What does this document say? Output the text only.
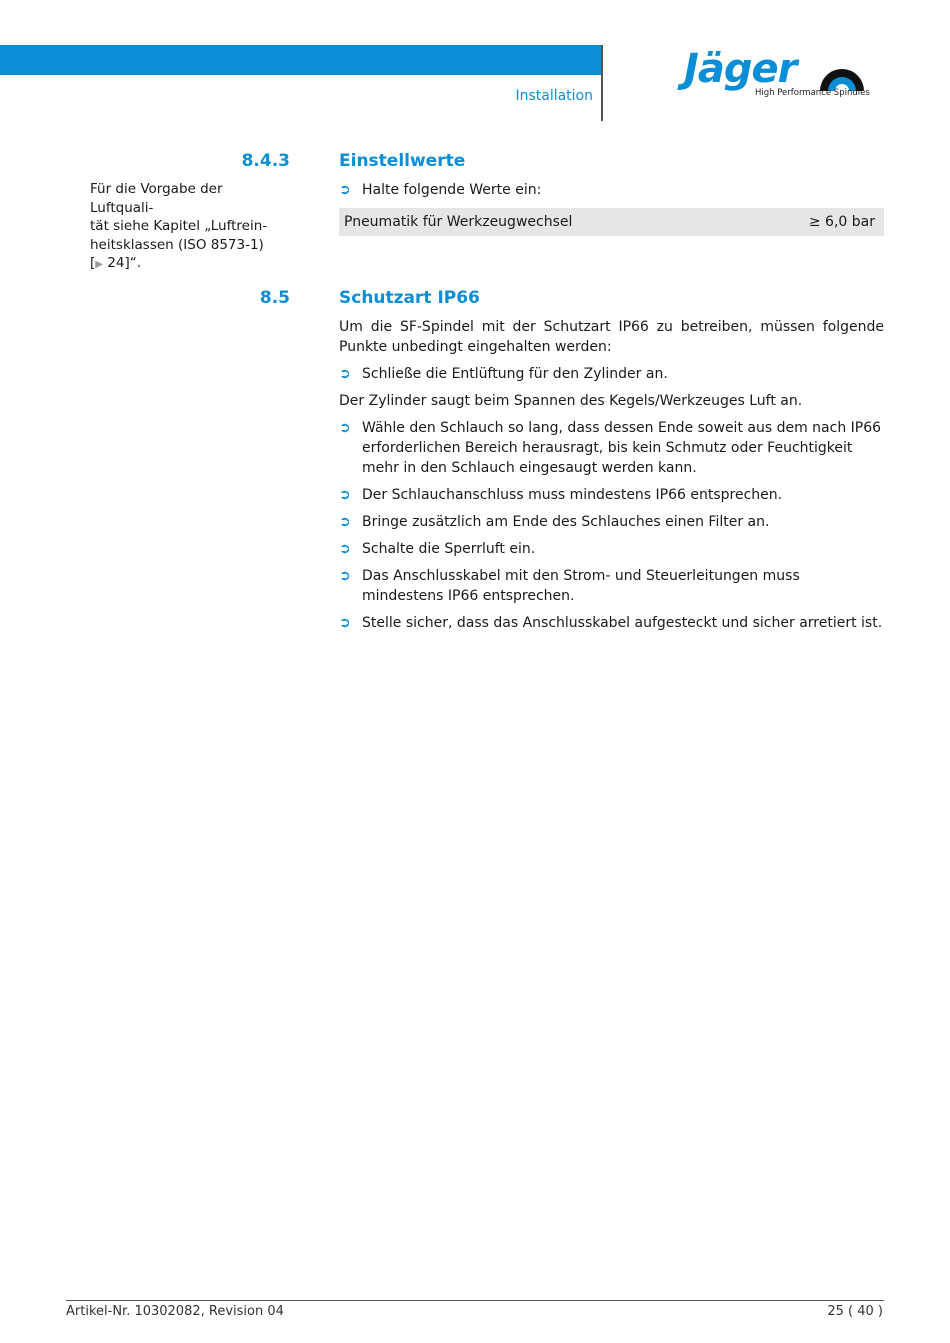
Installation
Jäger
High Performance Spindles
Für die Vorgabe der Luftquali-
tät siehe Kapitel „Luftrein-
heitsklassen (ISO 8573-1)
[▶ 24]“.
8.4.3	Einstellwerte
➲ Halte folgende Werte ein:
Pneumatik für Werkzeugwechsel	≥ 6,0 bar
8.5	Schutzart IP66

Um die SF-Spindel mit der Schutzart IP66 zu betreiben, müssen folgende Punkte unbedingt eingehalten werden:

➲ Schließe die Entlüftung für den Zylinder an.

Der Zylinder saugt beim Spannen des Kegels/Werkzeuges Luft an.

➲ Wähle den Schlauch so lang, dass dessen Ende soweit aus dem nach IP66 erforderlichen Bereich herausragt, bis kein Schmutz oder Feuchtigkeit mehr in den Schlauch eingesaugt werden kann.
➲ Der Schlauchanschluss muss mindestens IP66 entsprechen.
➲ Bringe zusätzlich am Ende des Schlauches einen Filter an.
➲ Schalte die Sperrluft ein.
➲ Das Anschlusskabel mit den Strom- und Steuerleitungen muss mindestens IP66 entsprechen.
➲ Stelle sicher, dass das Anschlusskabel aufgesteckt und sicher arretiert ist.
Artikel-Nr. 10302082, Revision 04	25 ( 40 )
